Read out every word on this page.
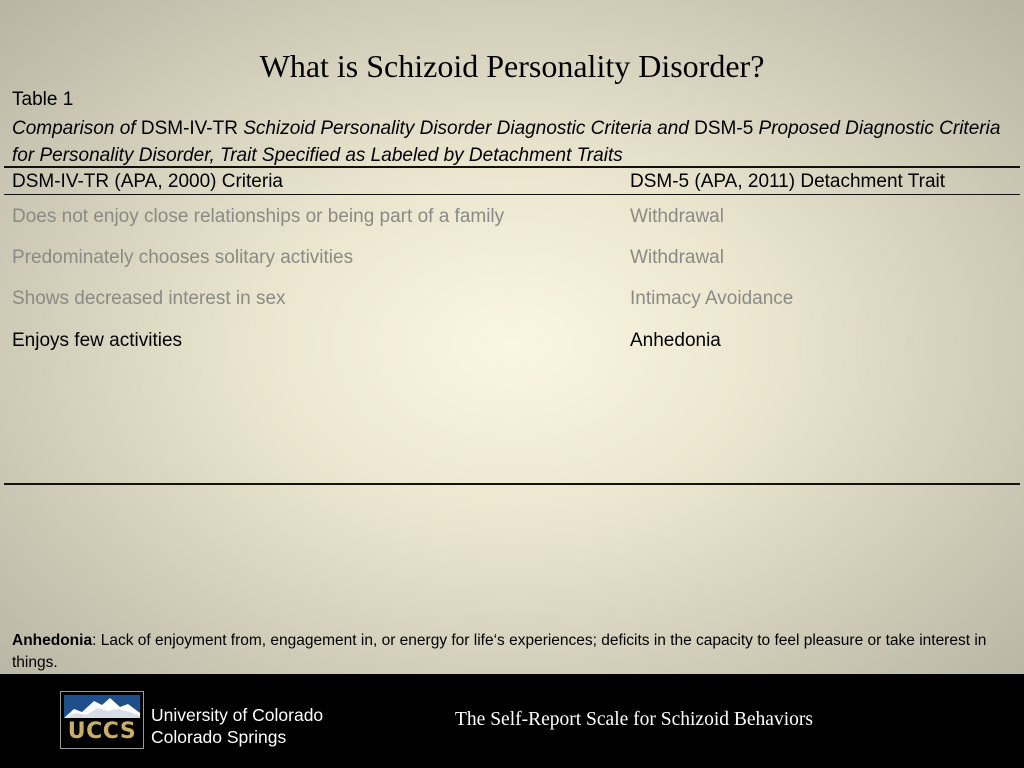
What is Schizoid Personality Disorder?
Table 1
Comparison of DSM-IV-TR Schizoid Personality Disorder Diagnostic Criteria and DSM-5 Proposed Diagnostic Criteria for Personality Disorder, Trait Specified as Labeled by Detachment Traits
DSM-IV-TR (APA, 2000) Criteria	DSM-5 (APA, 2011) Detachment Trait
Does not enjoy close relationships or being part of a family	Withdrawal
Predominately chooses solitary activities	Withdrawal
Shows decreased interest in sex	Intimacy Avoidance
Enjoys few activities	Anhedonia
Anhedonia: Lack of enjoyment from, engagement in, or energy for life‘s experiences; deficits in the capacity to feel pleasure or take interest in things.
UCCS
University of Colorado
Colorado Springs
The Self-Report Scale for Schizoid Behaviors
